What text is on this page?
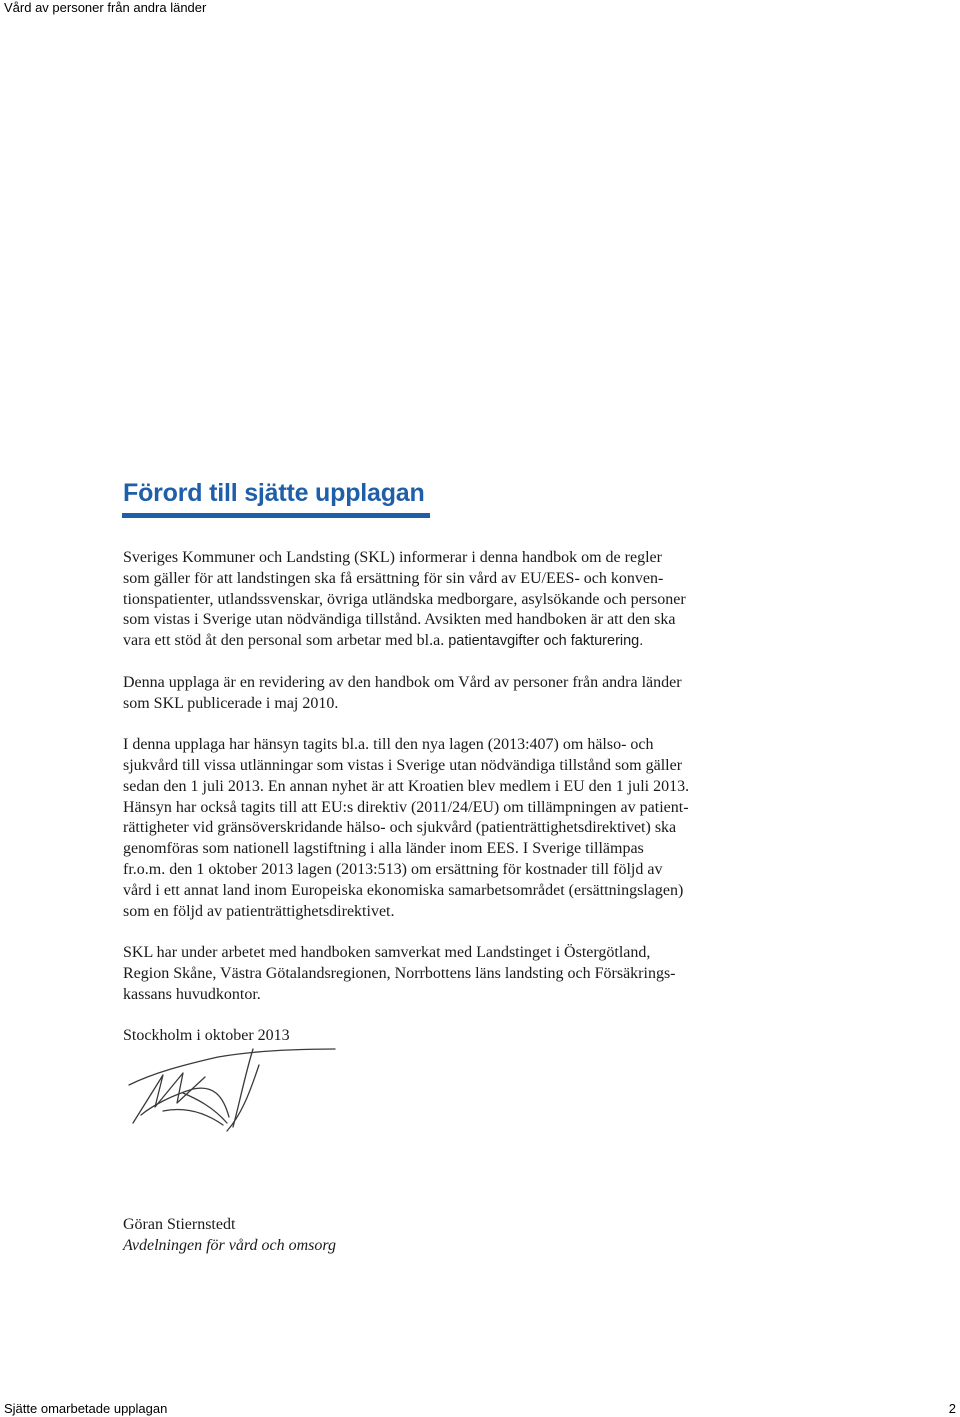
Vård av personer från andra länder
Förord till sjätte upplagan

Sveriges Kommuner och Landsting (SKL) informerar i denna handbok om de regler
som gäller för att landstingen ska få ersättning för sin vård av EU/EES- och konven-
tionspatienter, utlandssvenskar, övriga utländska medborgare, asylsökande och personer
som vistas i Sverige utan nödvändiga tillstånd. Avsikten med handboken är att den ska
vara ett stöd åt den personal som arbetar med bl.a. patientavgifter och fakturering.

Denna upplaga är en revidering av den handbok om Vård av personer från andra länder
som SKL publicerade i maj 2010.

I denna upplaga har hänsyn tagits bl.a. till den nya lagen (2013:407) om hälso- och
sjukvård till vissa utlänningar som vistas i Sverige utan nödvändiga tillstånd som gäller
sedan den 1 juli 2013. En annan nyhet är att Kroatien blev medlem i EU den 1 juli 2013.
Hänsyn har också tagits till att EU:s direktiv (2011/24/EU) om tillämpningen av patient-
rättigheter vid gränsöverskridande hälso- och sjukvård (patienträttighetsdirektivet) ska
genomföras som nationell lagstiftning i alla länder inom EES. I Sverige tillämpas
fr.o.m. den 1 oktober 2013 lagen (2013:513) om ersättning för kostnader till följd av
vård i ett annat land inom Europeiska ekonomiska samarbetsområdet (ersättningslagen)
som en följd av patienträttighetsdirektivet.

SKL har under arbetet med handboken samverkat med Landstinget i Östergötland,
Region Skåne, Västra Götalandsregionen, Norrbottens läns landsting och Försäkrings-
kassans huvudkontor.

Stockholm i oktober 2013

Göran Stiernstedt
Avdelningen för vård och omsorg
Sjätte omarbetade upplagan	2
